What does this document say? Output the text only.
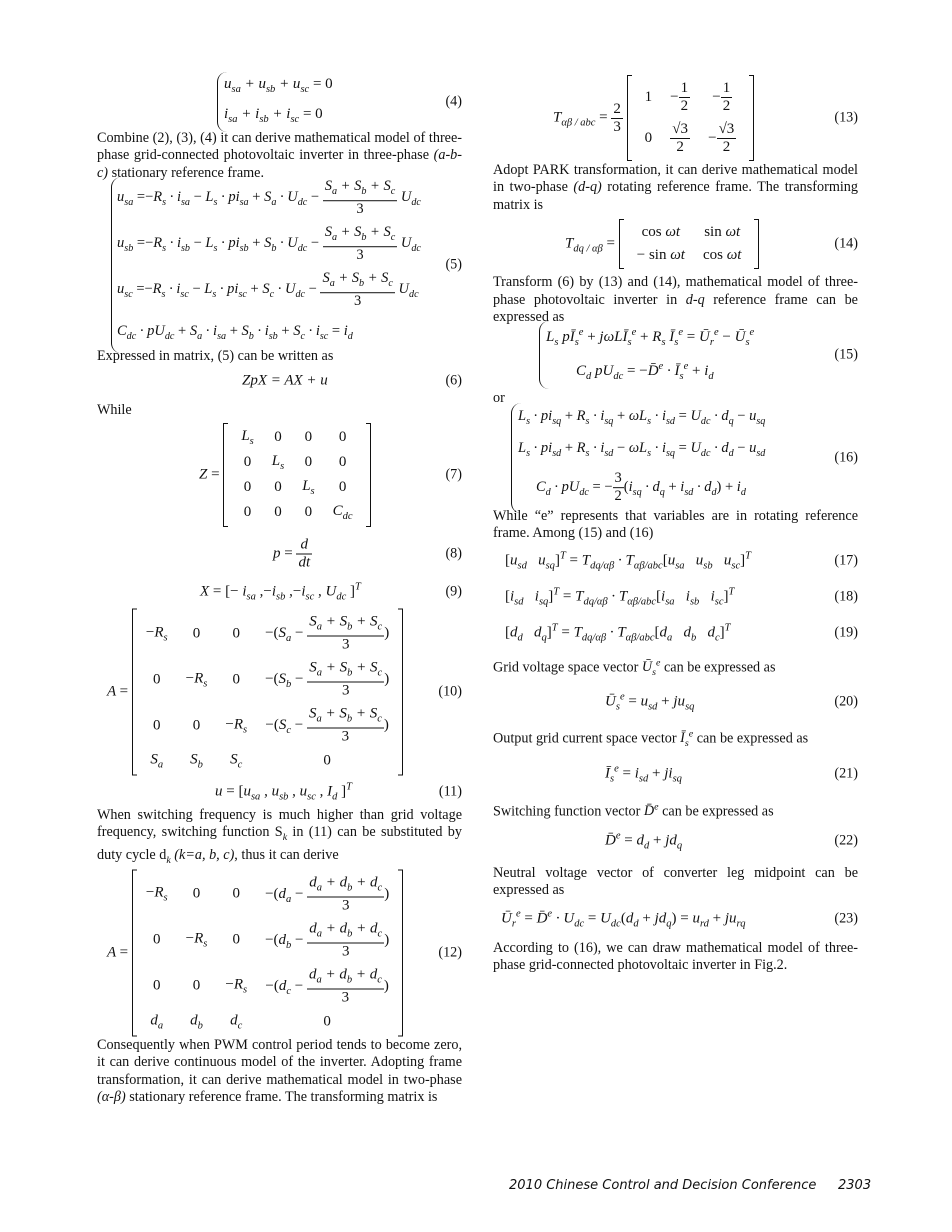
$u_{sa} + u_{sb} + u_{sc} = 0$
$i_{sa} + i_{sb} + i_{sc} = 0$
(4)

Combine (2), (3), (4) it can derive mathematical model of three-phase grid-connected photovoltaic inverter in three-phase (a-b-c) stationary reference frame.

$u_{sa} =-R_s \cdot i_{sa} - L_s \cdot pi_{sa} + S_a \cdot U_{dc} - \frac{S_a + S_b + S_c}{3} U_{dc}$
$u_{sb} =-R_s \cdot i_{sb} - L_s \cdot pi_{sb} + S_b \cdot U_{dc} - \frac{S_a + S_b + S_c}{3} U_{dc}$
$u_{sc} =-R_s \cdot i_{sc} - L_s \cdot pi_{sc} + S_c \cdot U_{dc} - \frac{S_a + S_b + S_c}{3} U_{dc}$
$C_{dc} \cdot pU_{dc} + S_a \cdot i_{sa} + S_b \cdot i_{sb} + S_c \cdot i_{sc} = i_d$
(5)

Expressed in matrix, (5) can be written as

ZpX = AX + u	(6)

While

Z =
$L_s$	0	0	0
0	$L_s$	0	0
0	0	$L_s$	0
0	0	0	$C_{dc}$
(7)
$p = \frac{d}{dt}$	(8)
X = [− $i_{sa}$ $,-i_{sb}$ $,-i_{sc}$ , $U_{dc}$ ]$^T$	(9)
A =
$-R_s$	0	0	$-(S_a - \frac{S_a + S_b + S_c}{3}$ )
0	$-R_s$	0	$-(S_b - \frac{S_a + S_b + S_c}{3}$ )
0	0	$-R_s$	$-(S_c - \frac{S_a + S_b + S_c}{3}$ )
$S_a$	$S_b$	$S_c$	0
(10)
$u = [u_{sa}$ , $u_{sb}$ , $u_{sc}$ , $I_d$ ]$^T$	(11)

When switching frequency is much higher than grid voltage frequency, switching function $S_k$ in (11) can be substituted by duty cycle $d_k$ (k=a, b, c), thus it can derive

A =
$-R_s$	0	0	$-(d_a - \frac{d_a + d_b + d_c}{3}$ )
0	$-R_s$	0	$-(d_b - \frac{d_a + d_b + d_c}{3}$ )
0	0	$-R_s$	$-(d_c - \frac{d_a + d_b + d_c}{3}$ )
$d_a$	$d_b$	$d_c$	0
(12)

Consequently when PWM control period tends to become zero, it can derive continuous model of the inverter. Adopting frame transformation, it can derive mathematical model in two-phase (α-β) stationary reference frame. The transforming matrix is

$T_{\alpha\beta / abc} = \frac{2}{3}$

1	− $\frac{1}{2}$	− $\frac{1}{2}$

0	$\frac{√3}{2}$	− $\frac{√3}{2}$
(13)

Adopt PARK transformation, it can derive mathematical model in two-phase (d-q) rotating reference frame. The transforming matrix is

$T_{dq / \alpha\beta}$ =
cos ωt	sin ωt
− sin ωt	cos ωt
(14)

Transform (6) by (13) and (14), mathematical model of three-phase photovoltaic inverter in d-q reference frame can be expressed as

$L_s$ $pĪ_s^e$ + jωLĪ$_s^e$ + $R_s$ $Ī_s^e$ = $Ū_r^e$ − $Ū_s^e$
$C_d$ $pU_{dc}$ = −D̄$^e$ · $Ī_s^e + i_d$
(15)

or

$L_s \cdot pi_{sq} + R_s \cdot i_{sq} + \omega L_s \cdot i_{sd} = U_{dc} \cdot d_q - u_{sq}$
$L_s \cdot pi_{sd} + R_s \cdot i_{sd} - \omega L_s \cdot i_{sq} = U_{dc} \cdot d_d - u_{sd}$
$C_d \cdot pU_{dc}$ = − $\frac{3}{2} (i_{sq} \cdot d_q + i_{sd} \cdot d_d) + i_d$
(16)

While “e” represents that variables are in rotating reference frame. Among (15) and (16)

[$u_{sd}$   $u_{sq}]^T = T_{dq/\alpha\beta} \cdot T_{\alpha\beta/abc}[u_{sa}$   $u_{sb}$   $u_{sc}]^T$	(17)
[$i_{sd}$   $i_{sq}]^T = T_{dq/\alpha\beta} \cdot T_{\alpha\beta/abc}[i_{sa}$   $i_{sb}$   $i_{sc}]^T$	(18)
[$d_d$   $d_q]^T = T_{dq/\alpha\beta} \cdot T_{\alpha\beta/abc}[d_a$   $d_b$   $d_c]^T$	(19)

Grid voltage space vector $Ū_s^e$ can be expressed as

$Ū_s^e = u_{sd} + ju_{sq}$	(20)

Output grid current space vector $Ī_s^e$ can be expressed as

$Ī_s^e = i_{sd} + ji_{sq}$	(21)

Switching function vector D̄$^e$ can be expressed as

D̄$^e$ = $d_d + jd_q$	(22)

Neutral voltage vector of converter leg midpoint can be expressed as

$Ū_r^e$ = D̄$^e$ · $U_{dc} = U_{dc}(d_d + jd_q) = u_{rd} + ju_{rq}$	(23)

According to (16), we can draw mathematical model of three-phase grid-connected photovoltaic inverter in Fig.2.

2010 Chinese Control and Decision Conference 2303
